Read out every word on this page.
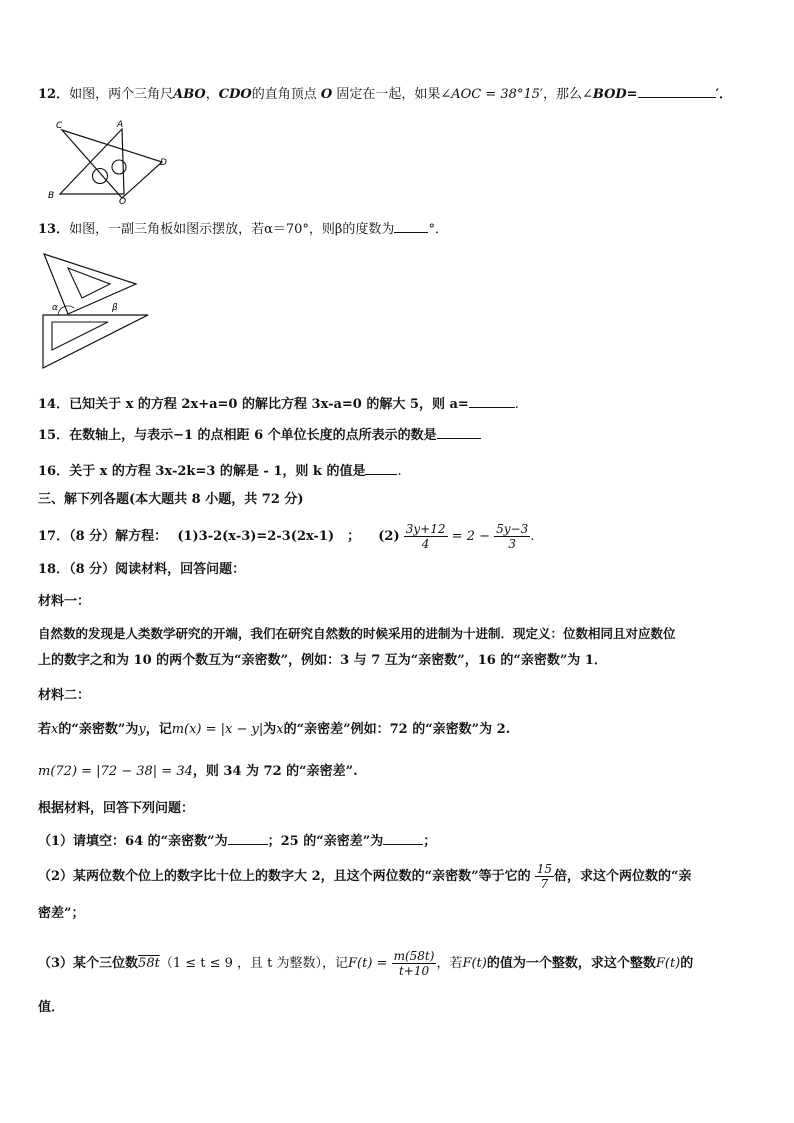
12．如图，两个三角尺ABO，CDO的直角顶点 O 固定在一起，如果∠AOC = 38°15′，那么∠BOD=	′．
C	A
D
B
O
13．如图，一副三角板如图示摆放，若α＝70°，则β的度数为	°．
α	β
14．已知关于 x 的方程 2x+a=0 的解比方程 3x-a=0 的解大 5，则 a=	.
15．在数轴上，与表示−1 的点相距 6 个单位长度的点所表示的数是
16．关于 x 的方程 3x-2k=3 的解是 - 1，则 k 的值是 .
三、解下列各题(本大题共 8 小题，共 72 分)
17．（8 分）解方程： (1)3-2(x-3)=2-3(2x-1)　； $(2) \frac{3y+12}{4} = 2 - \frac{5y-3}{3}$ .
18．（8 分）阅读材料，回答问题：
材料一：
自然数的发现是人类数学研究的开端，我们在研究自然数的时候采用的进制为十进制．现定义：位数相同且对应数位
上的数字之和为 10 的两个数互为“亲密数”，例如：3 与 7 互为“亲密数”，16 的“亲密数”为 1．
材料二：
若x的“亲密数”为y，记m(x) = |x − y|为x的“亲密差”例如：72 的“亲密数”为 2.
m(72) = |72 − 38| = 34，则 34 为 72 的“亲密差”.
根据材料，回答下列问题：
（1）请填空：64 的“亲密数”为	；25 的“亲密差”为	；
（2）某两位数个位上的数字比十位上的数字大 2，且这个两位数的“亲密数”等于它的 $\frac{15}{7}$ 倍，求这个两位数的“亲
密差”；
（3）某个三位数58t（1 ≤ t ≤ 9 ，且 t 为整数），记$F(t) = \frac{m(58t)}{t+10}$ ，若F(t)的值为一个整数，求这个整数F(t)的
值．
